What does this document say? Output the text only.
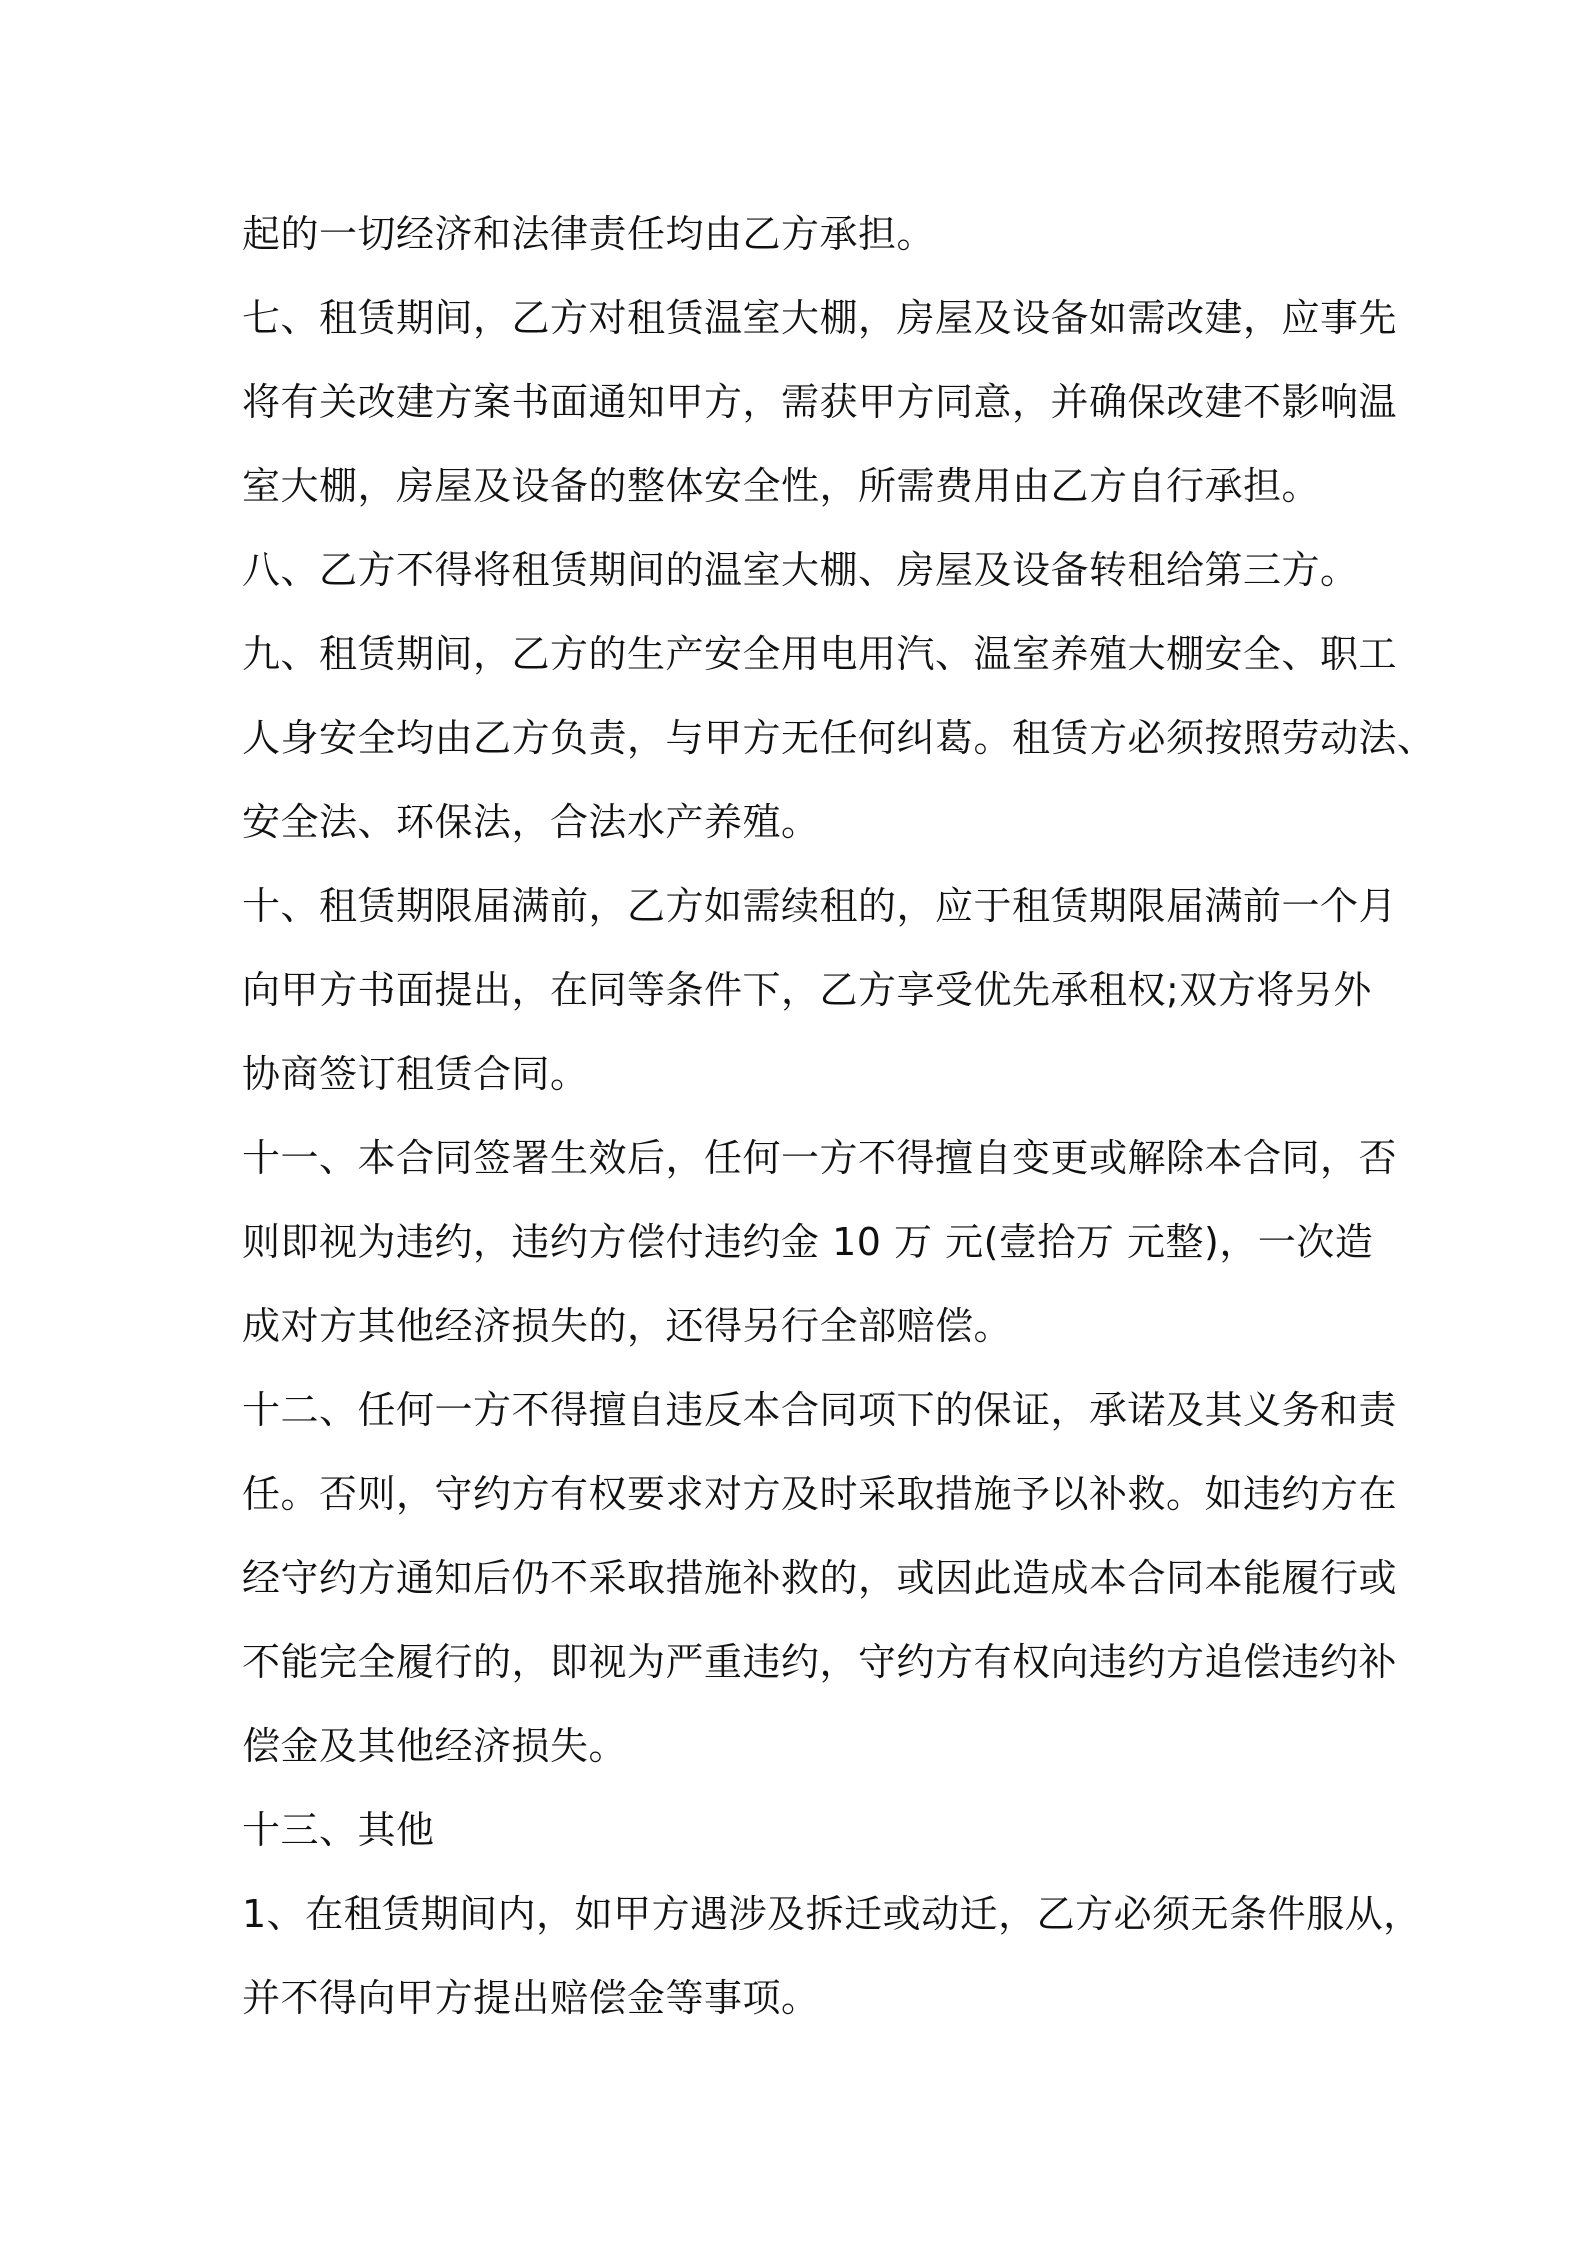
起的一切经济和法律责任均由乙方承担。
七、租赁期间，乙方对租赁温室大棚，房屋及设备如需改建，应事先
将有关改建方案书面通知甲方，需获甲方同意，并确保改建不影响温
室大棚，房屋及设备的整体安全性，所需费用由乙方自行承担。
八、乙方不得将租赁期间的温室大棚、房屋及设备转租给第三方。
九、租赁期间，乙方的生产安全用电用汽、温室养殖大棚安全、职工
人身安全均由乙方负责，与甲方无任何纠葛。租赁方必须按照劳动法、
安全法、环保法，合法水产养殖。
十、租赁期限届满前，乙方如需续租的，应于租赁期限届满前一个月
向甲方书面提出，在同等条件下，乙方享受优先承租权;双方将另外
协商签订租赁合同。
十一、本合同签署生效后，任何一方不得擅自变更或解除本合同，否
则即视为违约，违约方偿付违约金 10 万 元(壹拾万 元整)，一次造
成对方其他经济损失的，还得另行全部赔偿。
十二、任何一方不得擅自违反本合同项下的保证，承诺及其义务和责
任。否则，守约方有权要求对方及时采取措施予以补救。如违约方在
经守约方通知后仍不采取措施补救的，或因此造成本合同本能履行或
不能完全履行的，即视为严重违约，守约方有权向违约方追偿违约补
偿金及其他经济损失。
十三、其他
1、在租赁期间内，如甲方遇涉及拆迁或动迁，乙方必须无条件服从，
并不得向甲方提出赔偿金等事项。
